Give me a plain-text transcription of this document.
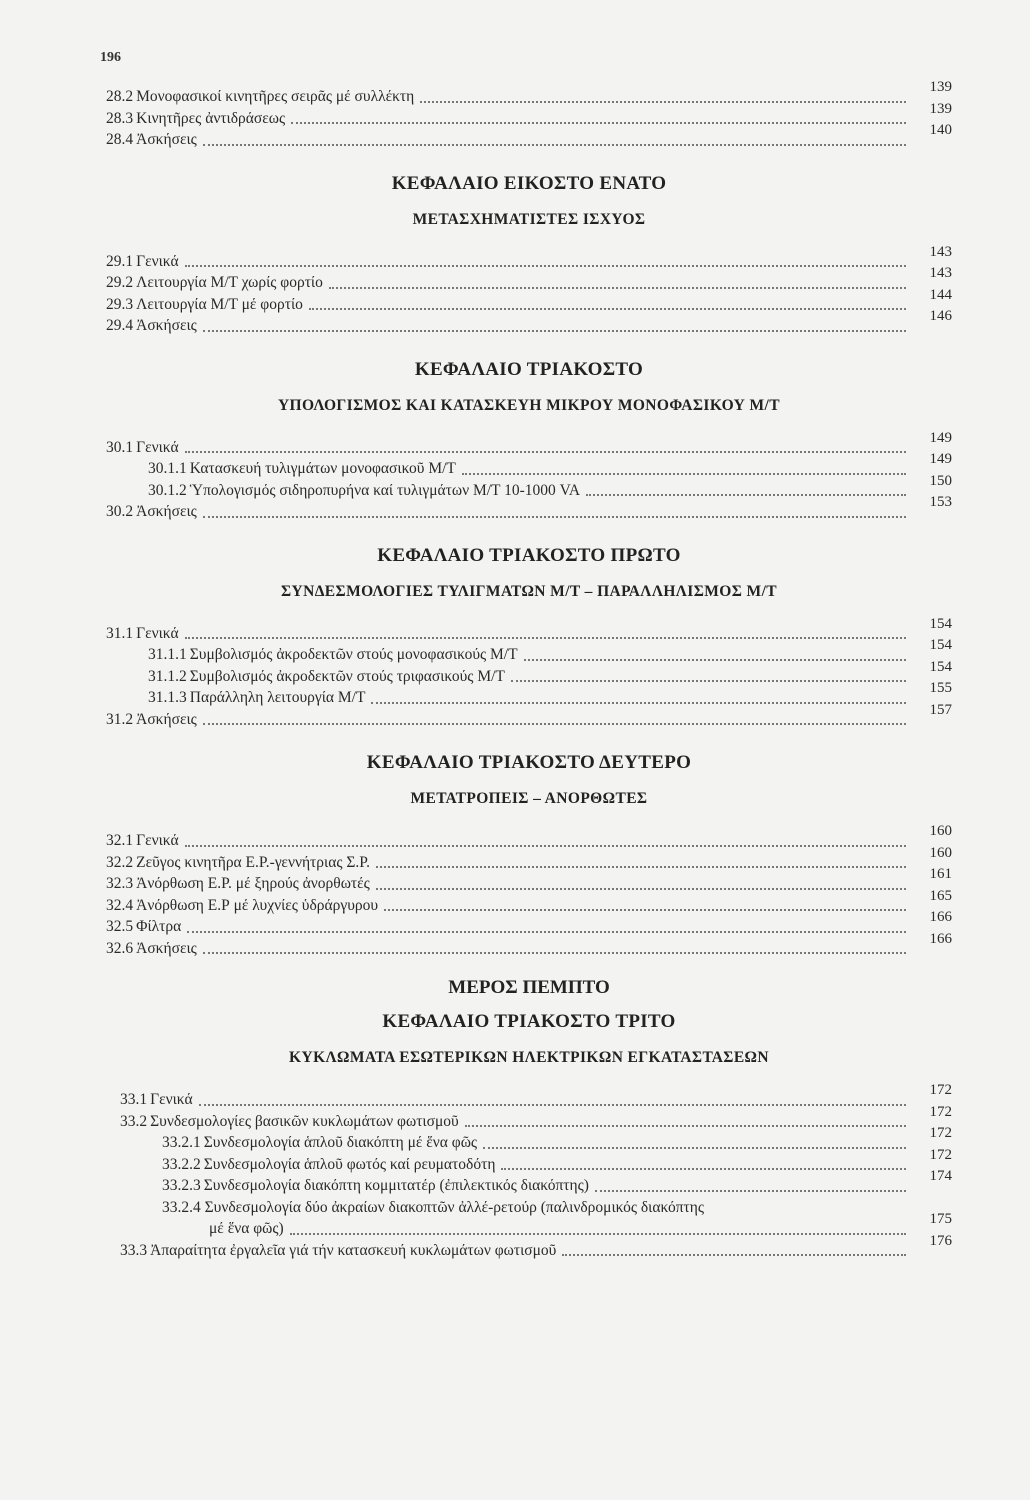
196
28.2 Μονοφασικοί κινητῆρες σειρᾶς μέ συλλέκτη
139
28.3 Κινητῆρες ἀντιδράσεως
139
28.4 Ἀσκήσεις
140
ΚΕΦΑΛΑΙΟ ΕΙΚΟΣΤΟ ΕΝΑΤΟ
ΜΕΤΑΣΧΗΜΑΤΙΣΤΕΣ ΙΣΧΥΟΣ
29.1 Γενικά
143
29.2 Λειτουργία Μ/Τ χωρίς φορτίο
143
29.3 Λειτουργία Μ/Τ μέ φορτίο
144
29.4 Ἀσκήσεις
146
ΚΕΦΑΛΑΙΟ ΤΡΙΑΚΟΣΤΟ
ΥΠΟΛΟΓΙΣΜΟΣ ΚΑΙ ΚΑΤΑΣΚΕΥΗ ΜΙΚΡΟΥ ΜΟΝΟΦΑΣΙΚΟΥ Μ/Τ
30.1 Γενικά
149
30.1.1 Κατασκευή τυλιγμάτων μονοφασικοῦ Μ/Τ
149
30.1.2 Ὑπολογισμός σιδηροπυρήνα καί τυλιγμάτων Μ/Τ 10-1000 VA
150
30.2 Ἀσκήσεις
153
ΚΕΦΑΛΑΙΟ ΤΡΙΑΚΟΣΤΟ ΠΡΩΤΟ
ΣΥΝΔΕΣΜΟΛΟΓΙΕΣ ΤΥΛΙΓΜΑΤΩΝ Μ/Τ – ΠΑΡΑΛΛΗΛΙΣΜΟΣ Μ/Τ
31.1 Γενικά
154
31.1.1 Συμβολισμός ἀκροδεκτῶν στούς μονοφασικούς Μ/Τ
154
31.1.2 Συμβολισμός ἀκροδεκτῶν στούς τριφασικούς Μ/Τ
154
31.1.3 Παράλληλη λειτουργία Μ/Τ
155
31.2 Ἀσκήσεις
157
ΚΕΦΑΛΑΙΟ ΤΡΙΑΚΟΣΤΟ ΔΕΥΤΕΡΟ
ΜΕΤΑΤΡΟΠΕΙΣ – ΑΝΟΡΘΩΤΕΣ
32.1 Γενικά
160
32.2 Ζεῦγος κινητῆρα Ε.Ρ.-γεννήτριας Σ.Ρ.
160
32.3 Ἀνόρθωση Ε.Ρ. μέ ξηρούς ἀνορθωτές
161
32.4 Ἀνόρθωση Ε.Ρ μέ λυχνίες ὑδράργυρου
165
32.5 Φίλτρα
166
32.6 Ἀσκήσεις
166
ΜΕΡΟΣ ΠΕΜΠΤΟ
ΚΕΦΑΛΑΙΟ ΤΡΙΑΚΟΣΤΟ ΤΡΙΤΟ
ΚΥΚΛΩΜΑΤΑ ΕΣΩΤΕΡΙΚΩΝ ΗΛΕΚΤΡΙΚΩΝ ΕΓΚΑΤΑΣΤΑΣΕΩΝ
33.1 Γενικά
172
33.2 Συνδεσμολογίες βασικῶν κυκλωμάτων φωτισμοῦ
172
33.2.1 Συνδεσμολογία ἁπλοῦ διακόπτη μέ ἕνα φῶς
172
33.2.2 Συνδεσμολογία ἁπλοῦ φωτός καί ρευματοδότη
172
33.2.3 Συνδεσμολογία διακόπτη κομμιτατέρ (ἐπιλεκτικός διακόπτης)
174
33.2.4 Συνδεσμολογία δύο ἀκραίων διακοπτῶν ἀλλέ-ρετούρ (παλινδρομικός διακόπτης
μέ ἕνα φῶς)
175
33.3 Ἀπαραίτητα ἐργαλεῖα γιά τήν κατασκευή κυκλωμάτων φωτισμοῦ
176
